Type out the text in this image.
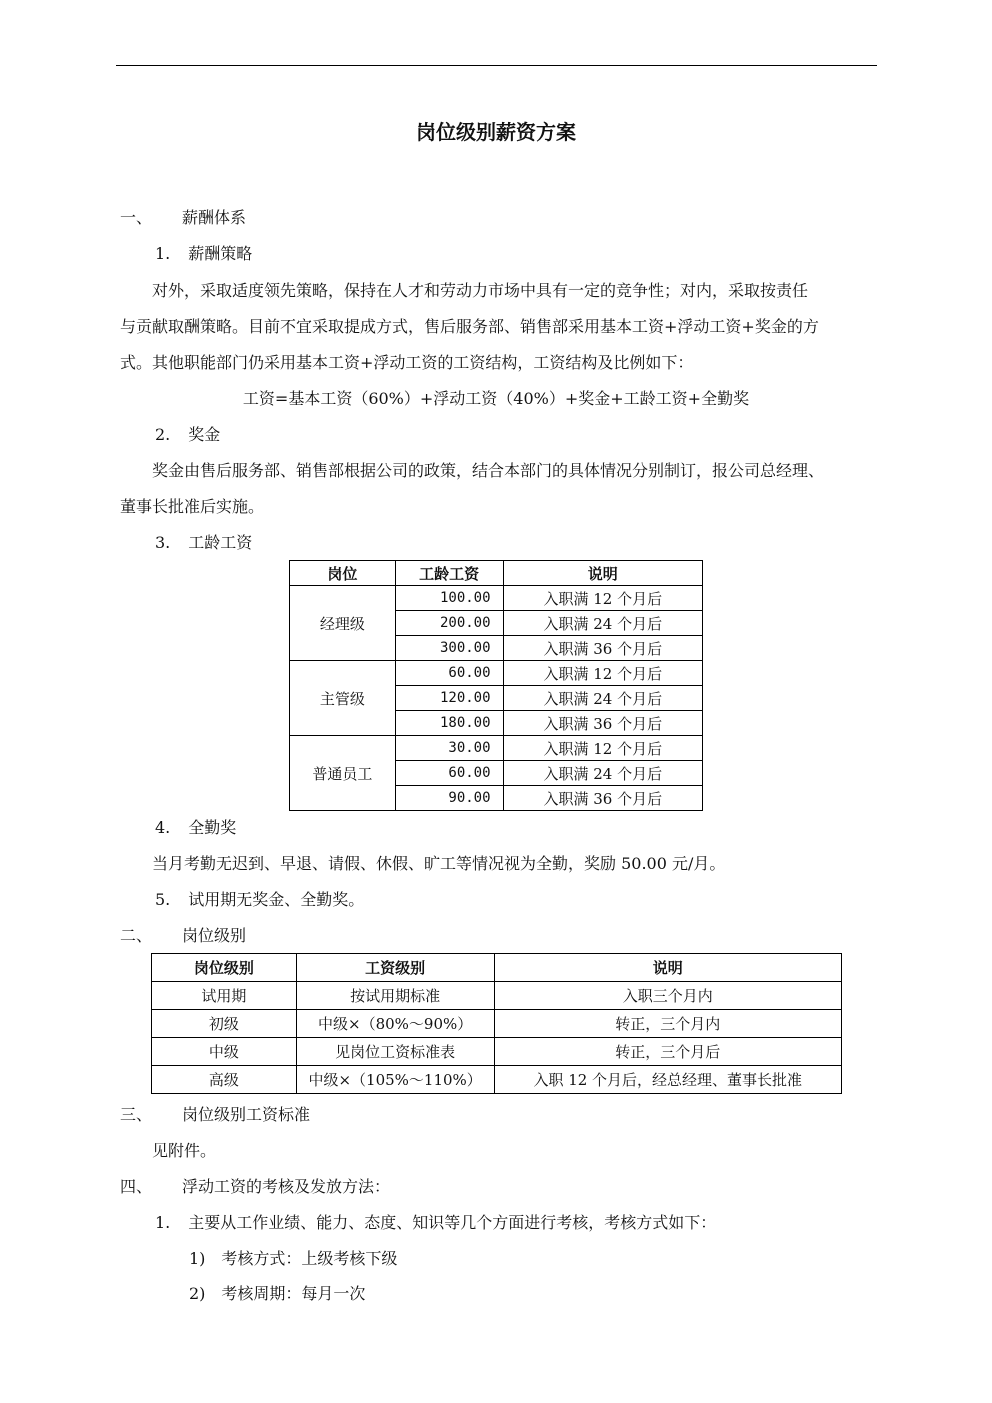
岗位级别薪资方案
一、 薪酬体系
1. 薪酬策略
对外，采取适度领先策略，保持在人才和劳动力市场中具有一定的竞争性；对内，采取按责任
与贡献取酬策略。目前不宜采取提成方式，售后服务部、销售部采用基本工资+浮动工资+奖金的方
式。其他职能部门仍采用基本工资+浮动工资的工资结构，工资结构及比例如下：
工资=基本工资（60%）+浮动工资（40%）+奖金+工龄工资+全勤奖
2. 奖金
奖金由售后服务部、销售部根据公司的政策，结合本部门的具体情况分别制订，报公司总经理、
董事长批准后实施。
3. 工龄工资
岗位	工龄工资	说明
经理级	100.00	入职满 12 个月后
	200.00	入职满 24 个月后
	300.00	入职满 36 个月后
主管级	60.00	入职满 12 个月后
	120.00	入职满 24 个月后
	180.00	入职满 36 个月后
普通员工	30.00	入职满 12 个月后
	60.00	入职满 24 个月后
	90.00	入职满 36 个月后
4. 全勤奖
当月考勤无迟到、早退、请假、休假、旷工等情况视为全勤，奖励 50.00 元/月。
5. 试用期无奖金、全勤奖。
二、 岗位级别
岗位级别	工资级别	说明
试用期	按试用期标准	入职三个月内
初级	中级×（80%～90%）	转正，三个月内
中级	见岗位工资标准表	转正，三个月后
高级	中级×（105%～110%）	入职 12 个月后，经总经理、董事长批准
三、 岗位级别工资标准
见附件。
四、 浮动工资的考核及发放方法：
1. 主要从工作业绩、能力、态度、知识等几个方面进行考核，考核方式如下：
1) 考核方式：上级考核下级
2) 考核周期：每月一次
